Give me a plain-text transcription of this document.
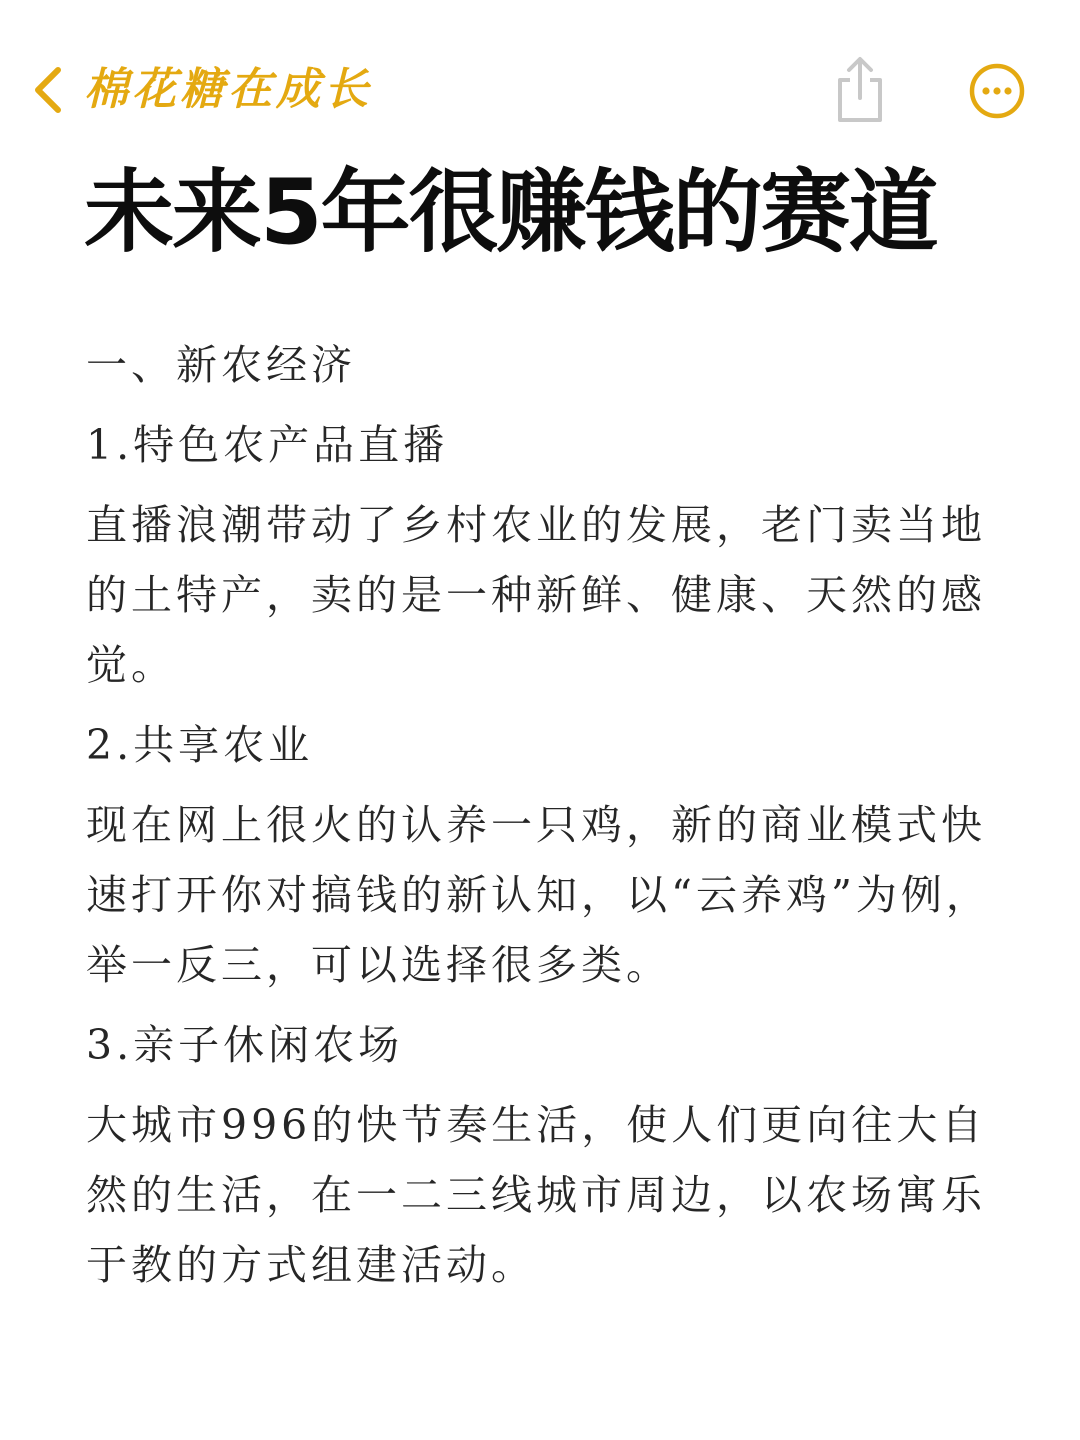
棉花糖在成长
未来5年很赚钱的赛道

一、新农经济

1.特色农产品直播

直播浪潮带动了乡村农业的发展，老门卖当地的土特产，卖的是一种新鲜、健康、天然的感觉。

2.共享农业

现在网上很火的认养一只鸡，新的商业模式快速打开你对搞钱的新认知，以“云养鸡”为例，举一反三，可以选择很多类。

3.亲子休闲农场

大城市996的快节奏生活，使人们更向往大自然的生活，在一二三线城市周边，以农场寓乐于教的方式组建活动。
